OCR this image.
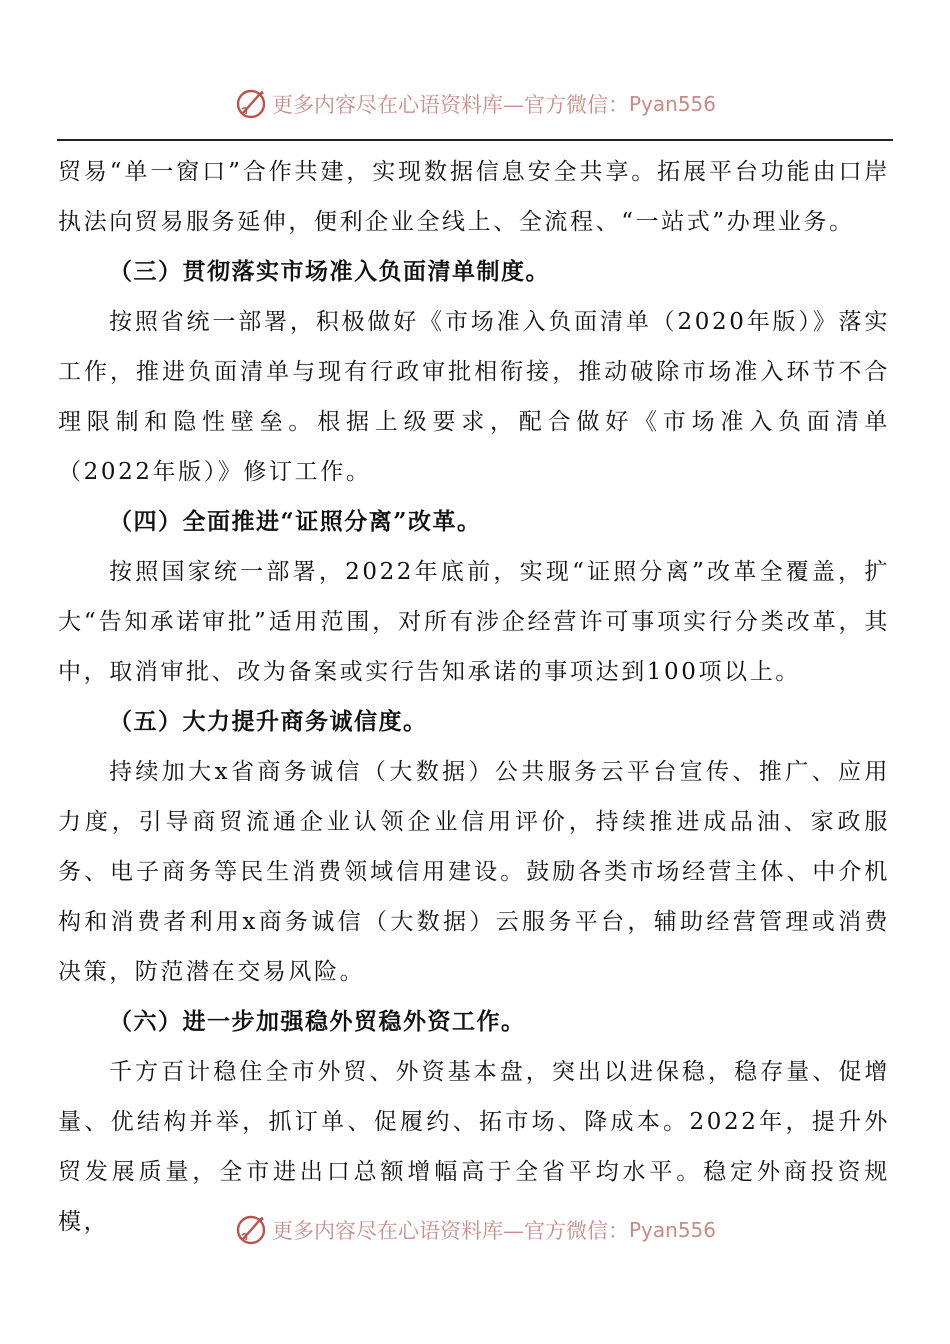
更多内容尽在心语资料库—官方微信： Pyan556

贸易“单一窗口”合作共建，实现数据信息安全共享。拓展平台功能由口岸执法向贸易服务延伸，便利企业全线上、全流程、“一站式”办理业务。

（三）贯彻落实市场准入负面清单制度。

按照省统一部署，积极做好《市场准入负面清单（2020年版）》落实工作，推进负面清单与现有行政审批相衔接，推动破除市场准入环节不合理限制和隐性壁垒。根据上级要求，配合做好《市场准入负面清单（2022年版）》修订工作。

（四）全面推进“证照分离”改革。

按照国家统一部署，2022年底前，实现“证照分离”改革全覆盖，扩大“告知承诺审批”适用范围，对所有涉企经营许可事项实行分类改革，其中，取消审批、改为备案或实行告知承诺的事项达到100项以上。

（五）大力提升商务诚信度。

持续加大x省商务诚信（大数据）公共服务云平台宣传、推广、应用力度，引导商贸流通企业认领企业信用评价，持续推进成品油、家政服务、电子商务等民生消费领域信用建设。鼓励各类市场经营主体、中介机构和消费者利用x商务诚信（大数据）云服务平台，辅助经营管理或消费决策，防范潜在交易风险。

（六）进一步加强稳外贸稳外资工作。

千方百计稳住全市外贸、外资基本盘，突出以进保稳，稳存量、促增量、优结构并举，抓订单、促履约、拓市场、降成本。2022年，提升外贸发展质量，全市进出口总额增幅高于全省平均水平。稳定外商投资规模，	更多内容尽在心语资料库—官方微信： Pyan556
